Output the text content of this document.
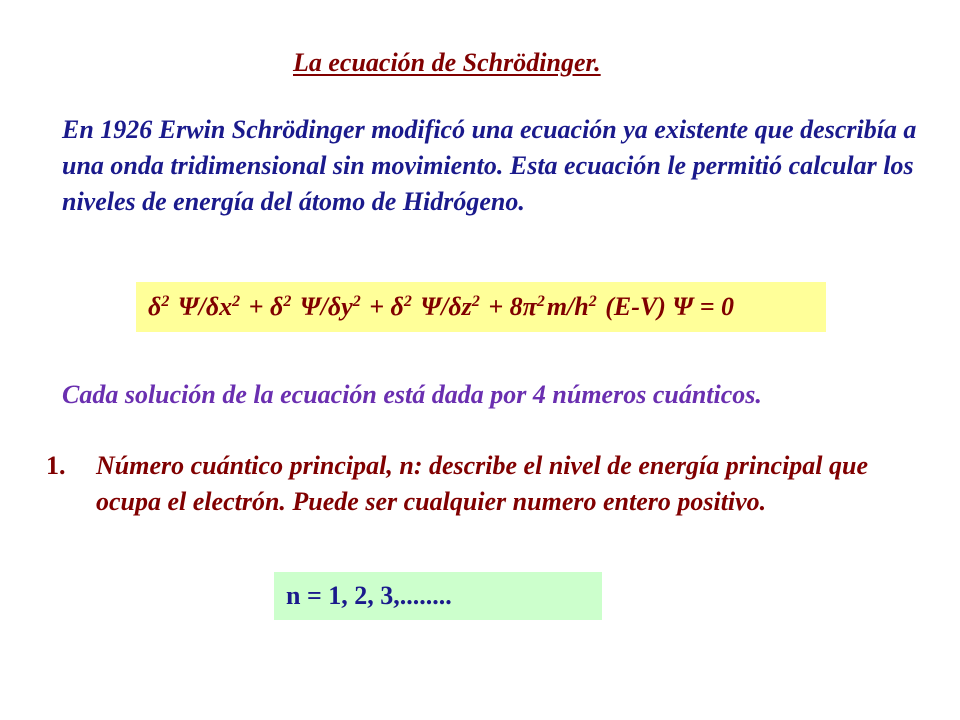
La ecuación de Schrödinger.
En 1926 Erwin Schrödinger modificó una ecuación ya existente que describía a una onda tridimensional sin movimiento. Esta ecuación le permitió calcular los niveles de energía del átomo de Hidrógeno.
$\delta^2$ $\Psi/\delta x^2 + \delta^2$ $\Psi/\delta y^2 + \delta^2$ $\Psi/\delta z^2 + 8\pi^2m/h^2$ (E-V) Ψ = 0
Cada solución de la ecuación está dada por 4 números cuánticos.
1. Número cuántico principal, n: describe el nivel de energía principal que ocupa el electrón. Puede ser cualquier numero entero positivo.
n = 1, 2, 3,........
